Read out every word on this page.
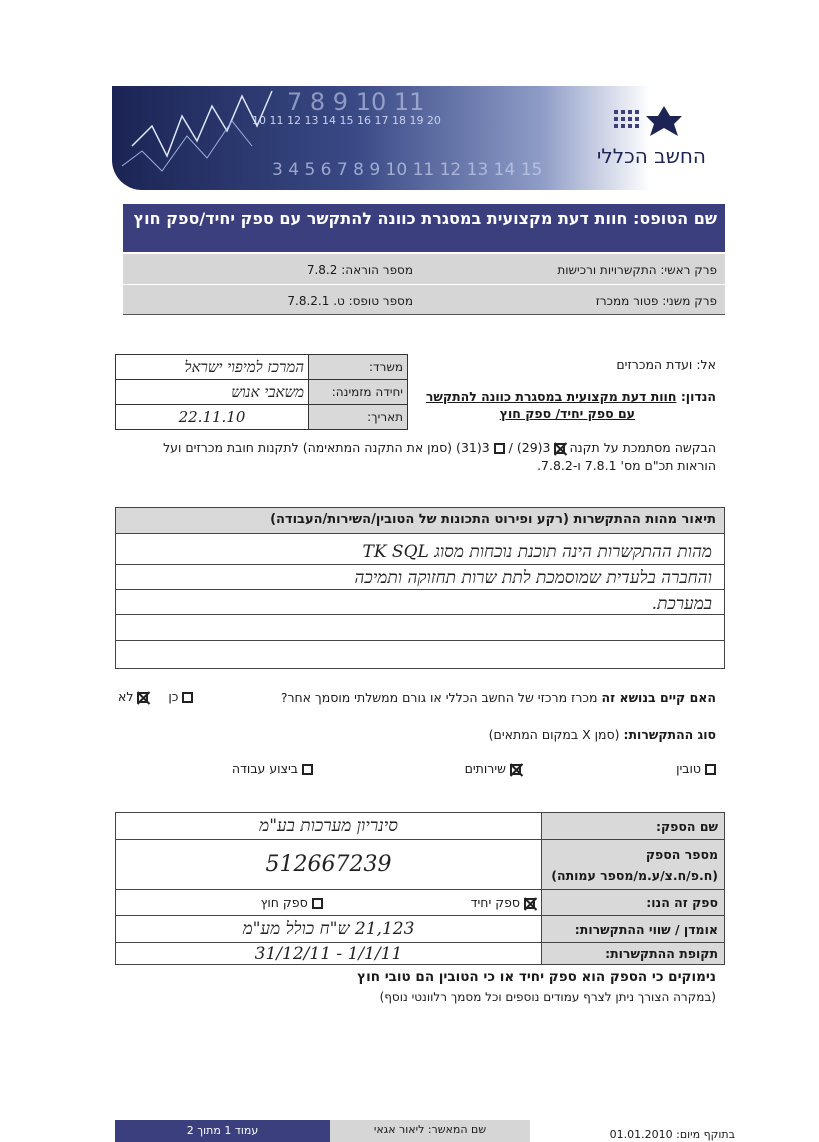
7 8 9 10 11
10 11 12 13 14 15 16 17 18 19 20
3 4 5 6 7 8 9 10 11 12 13 14 15
החשב הכללי
שם הטופס: חוות דעת מקצועית במסגרת כוונה להתקשר עם ספק יחיד/ספק חוץ
פרק ראשי: התקשרויות ורכישות
מספר הוראה: 7.8.2
פרק משני: פטור ממכרז
מספר טופס: ט. 7.8.2.1
משרד:	המרכז למיפוי ישראל
יחידה מזמינה:	משאבי אנוש
תאריך:	22.11.10
אל: ועדת המכרזים
הנדון: חוות דעת מקצועית במסגרת כוונה להתקשר
עם ספק יחיד/ ספק חוץ
הבקשה מסתמכת על תקנה  3(29) /  3(31) (סמן את התקנה המתאימה) לתקנות חובת מכרזים ועל
הוראות תכ"ם מס' 7.8.1 ו-7.8.2.
תיאור מהות ההתקשרות (רקע ופירוט התכונות של הטובין/השירות/העבודה)
מהות ההתקשרות הינה תוכנת נוכחות מסוג TK SQL
והחברה בלעדית שמוסמכת לתת שרות תחזוקה ותמיכה
במערכת.
האם קיים בנושא זה מכרז מרכזי של החשב הכללי או גורם ממשלתי מוסמך אחר?
כן      לא
סוג ההתקשרות: (סמן X במקום המתאים)
טובין
שירותים
ביצוע עבודה
שם הספק:	סינריון מערכות בע"מ

מספר הספק
(ח.פ/ח.צ/ע.מ/מספר עמותה)	512667239
ספק זה הנו:	ספק יחיד   ספק חוץ
אומדן / שווי ההתקשרות:	21,123 ש"ח כולל מע"מ
תקופת ההתקשרות:	1/1/11 - 31/12/11
נימוקים כי הספק הוא ספק יחיד או כי הטובין הם טובי חוץ
(במקרה הצורך ניתן לצרף עמודים נוספים וכל מסמך רלוונטי נוסף)
עמוד 1 מתוך 2	שם המאשר: ליאור אגאי	בתוקף מיום: 01.01.2010
